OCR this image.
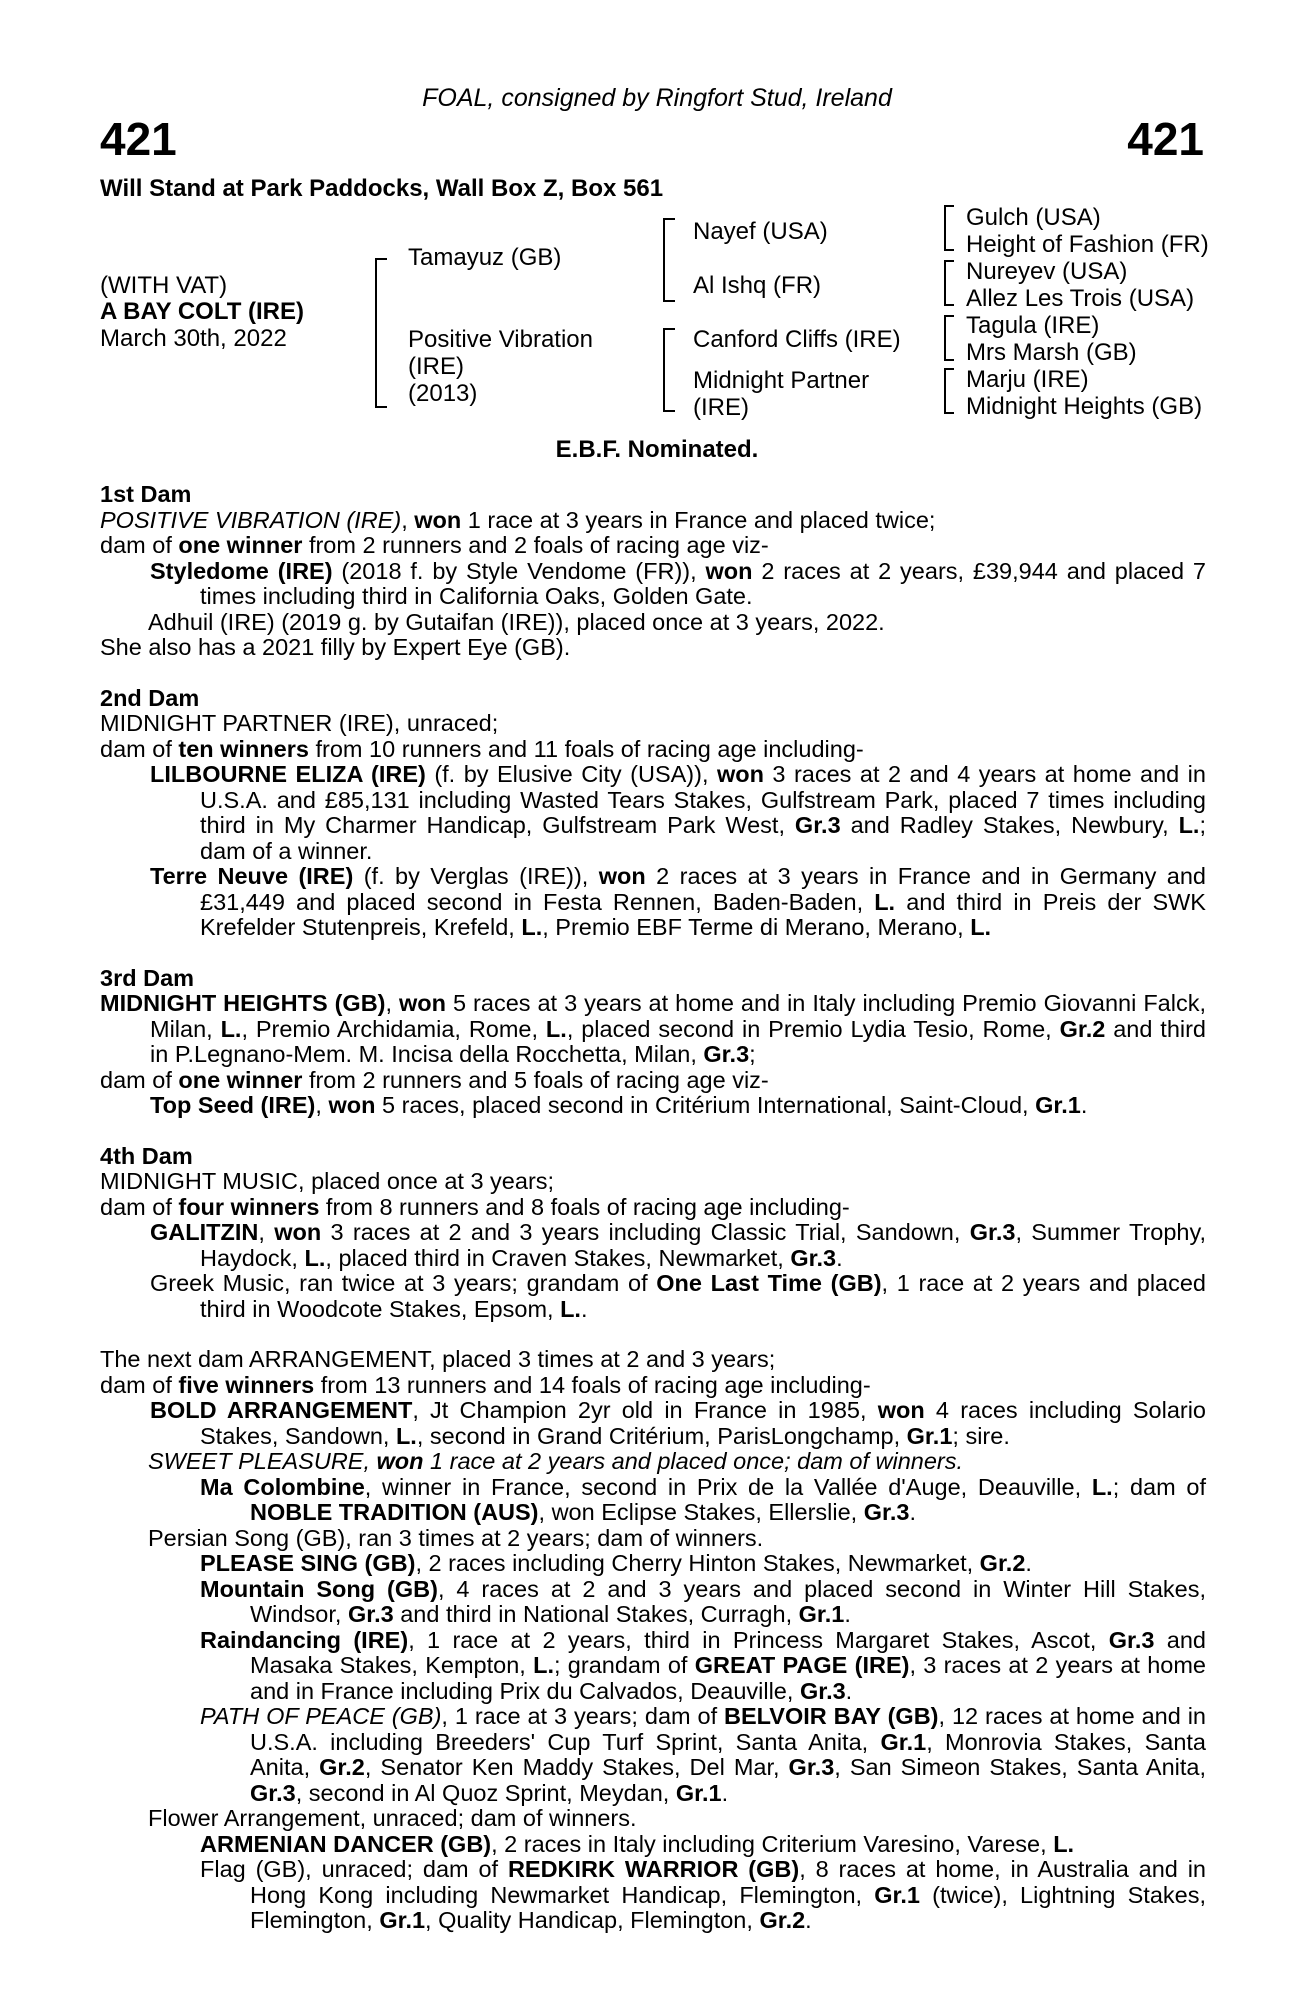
FOAL, consigned by Ringfort Stud, Ireland
421	421
Will Stand at Park Paddocks, Wall Box Z, Box 561
(WITH VAT)
A BAY COLT (IRE)
March 30th, 2022
Tamayuz (GB)
Positive Vibration
(IRE)
(2013)
Nayef (USA)
Al Ishq (FR)
Canford Cliffs (IRE)
Midnight Partner
(IRE)
Gulch (USA)
Height of Fashion (FR)
Nureyev (USA)
Allez Les Trois (USA)
Tagula (IRE)
Mrs Marsh (GB)
Marju (IRE)
Midnight Heights (GB)
E.B.F. Nominated.

1st Dam

POSITIVE VIBRATION (IRE), won 1 race at 3 years in France and placed twice;

dam of one winner from 2 runners and 2 foals of racing age viz-

Styledome (IRE) (2018 f. by Style Vendome (FR)), won 2 races at 2 years, £39,944 and placed 7 times including third in California Oaks, Golden Gate.

Adhuil (IRE) (2019 g. by Gutaifan (IRE)), placed once at 3 years, 2022.

She also has a 2021 filly by Expert Eye (GB).

2nd Dam

MIDNIGHT PARTNER (IRE), unraced;

dam of ten winners from 10 runners and 11 foals of racing age including-

LILBOURNE ELIZA (IRE) (f. by Elusive City (USA)), won 3 races at 2 and 4 years at home and in U.S.A. and £85,131 including Wasted Tears Stakes, Gulfstream Park, placed 7 times including third in My Charmer Handicap, Gulfstream Park West, Gr.3 and Radley Stakes, Newbury, L.; dam of a winner.

Terre Neuve (IRE) (f. by Verglas (IRE)), won 2 races at 3 years in France and in Germany and £31,449 and placed second in Festa Rennen, Baden-Baden, L. and third in Preis der SWK Krefelder Stutenpreis, Krefeld, L., Premio EBF Terme di Merano, Merano, L.

3rd Dam

MIDNIGHT HEIGHTS (GB), won 5 races at 3 years at home and in Italy including Premio Giovanni Falck, Milan, L., Premio Archidamia, Rome, L., placed second in Premio Lydia Tesio, Rome, Gr.2 and third in P.Legnano-Mem. M. Incisa della Rocchetta, Milan, Gr.3;

dam of one winner from 2 runners and 5 foals of racing age viz-

Top Seed (IRE), won 5 races, placed second in Critérium International, Saint-Cloud, Gr.1.

4th Dam

MIDNIGHT MUSIC, placed once at 3 years;

dam of four winners from 8 runners and 8 foals of racing age including-

GALITZIN, won 3 races at 2 and 3 years including Classic Trial, Sandown, Gr.3, Summer Trophy, Haydock, L., placed third in Craven Stakes, Newmarket, Gr.3.

Greek Music, ran twice at 3 years; grandam of One Last Time (GB), 1 race at 2 years and placed third in Woodcote Stakes, Epsom, L..

The next dam ARRANGEMENT, placed 3 times at 2 and 3 years;

dam of five winners from 13 runners and 14 foals of racing age including-

BOLD ARRANGEMENT, Jt Champion 2yr old in France in 1985, won 4 races including Solario Stakes, Sandown, L., second in Grand Critérium, ParisLongchamp, Gr.1; sire.

SWEET PLEASURE, won 1 race at 2 years and placed once; dam of winners.

Ma Colombine, winner in France, second in Prix de la Vallée d'Auge, Deauville, L.; dam of NOBLE TRADITION (AUS), won Eclipse Stakes, Ellerslie, Gr.3.

Persian Song (GB), ran 3 times at 2 years; dam of winners.

PLEASE SING (GB), 2 races including Cherry Hinton Stakes, Newmarket, Gr.2.

Mountain Song (GB), 4 races at 2 and 3 years and placed second in Winter Hill Stakes, Windsor, Gr.3 and third in National Stakes, Curragh, Gr.1.

Raindancing (IRE), 1 race at 2 years, third in Princess Margaret Stakes, Ascot, Gr.3 and Masaka Stakes, Kempton, L.; grandam of GREAT PAGE (IRE), 3 races at 2 years at home and in France including Prix du Calvados, Deauville, Gr.3.

PATH OF PEACE (GB), 1 race at 3 years; dam of BELVOIR BAY (GB), 12 races at home and in U.S.A. including Breeders' Cup Turf Sprint, Santa Anita, Gr.1, Monrovia Stakes, Santa Anita, Gr.2, Senator Ken Maddy Stakes, Del Mar, Gr.3, San Simeon Stakes, Santa Anita, Gr.3, second in Al Quoz Sprint, Meydan, Gr.1.

Flower Arrangement, unraced; dam of winners.

ARMENIAN DANCER (GB), 2 races in Italy including Criterium Varesino, Varese, L.

Flag (GB), unraced; dam of REDKIRK WARRIOR (GB), 8 races at home, in Australia and in Hong Kong including Newmarket Handicap, Flemington, Gr.1 (twice), Lightning Stakes, Flemington, Gr.1, Quality Handicap, Flemington, Gr.2.
